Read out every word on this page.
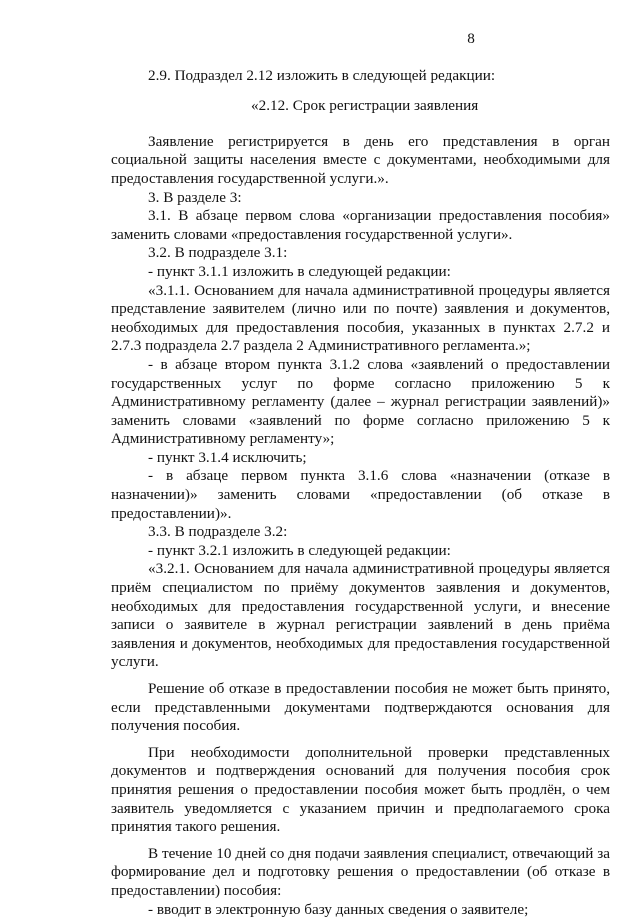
8

2.9. Подраздел 2.12 изложить в следующей редакции:

«2.12. Срок регистрации заявления

Заявление регистрируется в день его представления в орган социальной защиты населения вместе с документами, необходимыми для предоставления государственной услуги.».

3. В разделе 3:

3.1. В абзаце первом слова «организации предоставления пособия» заменить словами «предоставления государственной услуги».

3.2. В подразделе 3.1:

- пункт 3.1.1 изложить в следующей редакции:

«3.1.1. Основанием для начала административной процедуры является представление заявителем (лично или по почте) заявления и документов, необходимых для предоставления пособия, указанных в пунктах 2.7.2 и 2.7.3 подраздела 2.7 раздела 2 Административного регламента.»;

- в абзаце втором пункта 3.1.2 слова «заявлений о предоставлении государственных услуг по форме согласно приложению 5 к Административному регламенту (далее – журнал регистрации заявлений)» заменить словами «заявлений по форме согласно приложению 5 к Административному регламенту»;

- пункт 3.1.4 исключить;

- в абзаце первом пункта 3.1.6 слова «назначении (отказе в назначении)» заменить словами «предоставлении (об отказе в предоставлении)».

3.3. В подразделе 3.2:

- пункт 3.2.1 изложить в следующей редакции:

«3.2.1. Основанием для начала административной процедуры является приём специалистом по приёму документов заявления и документов, необходимых для предоставления государственной услуги, и внесение записи о заявителе в журнал регистрации заявлений в день приёма заявления и документов, необходимых для предоставления государственной услуги.

Решение об отказе в предоставлении пособия не может быть принято, если представленными документами подтверждаются основания для получения пособия.

При необходимости дополнительной проверки представленных документов и подтверждения оснований для получения пособия срок принятия решения о предоставлении пособия может быть продлён, о чем заявитель уведомляется с указанием причин и предполагаемого срока принятия такого решения.

В течение 10 дней со дня подачи заявления специалист, отвечающий за формирование дел и подготовку решения о предоставлении (об отказе в предоставлении) пособия:

- вводит в электронную базу данных сведения о заявителе;
